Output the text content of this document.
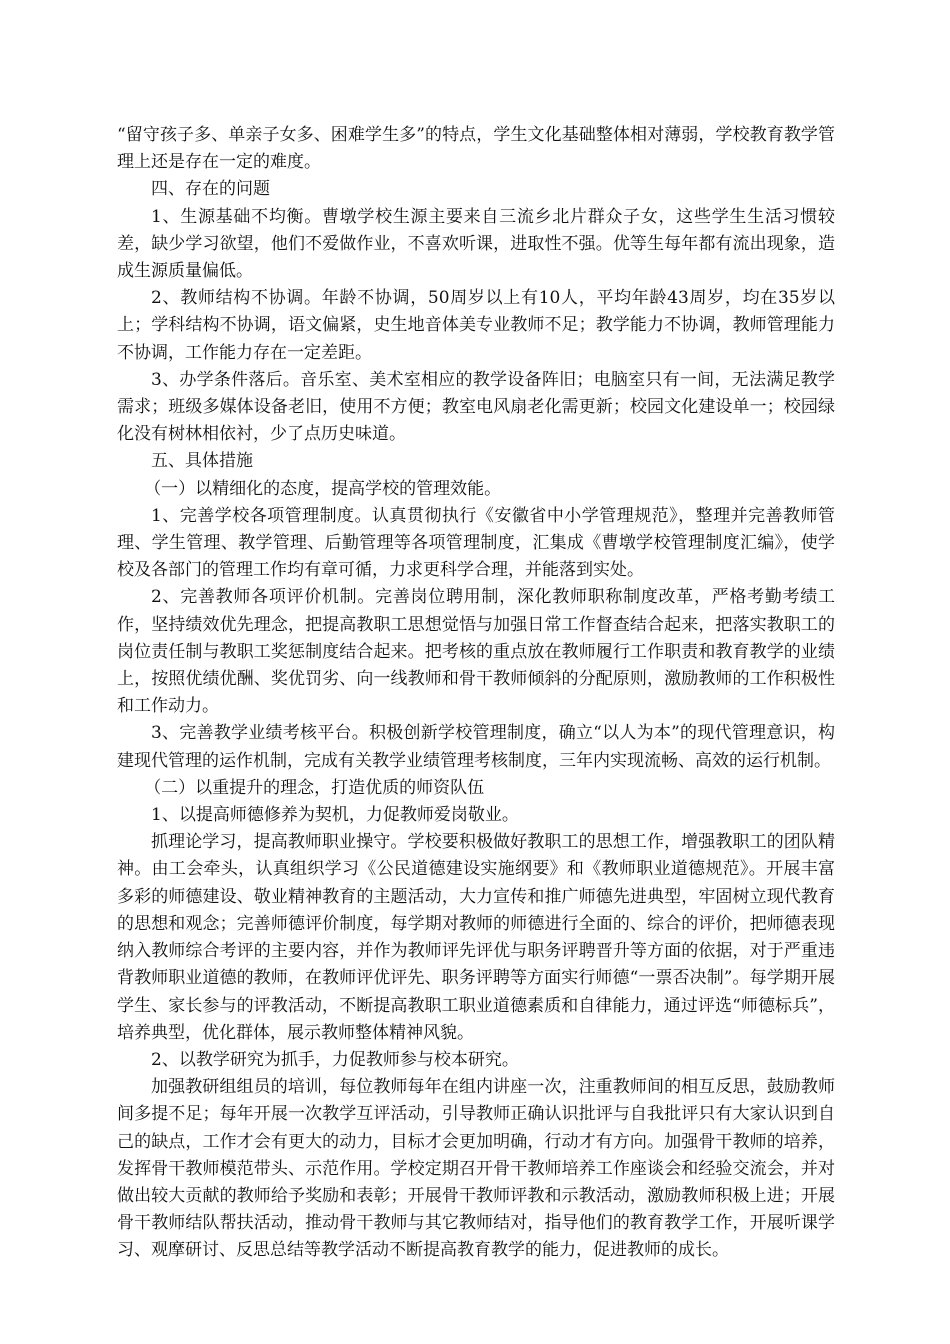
“留守孩子多、单亲子女多、困难学生多”的特点，学生文化基础整体相对薄弱，学校教育教学管理上还是存在一定的难度。

四、存在的问题

1、生源基础不均衡。曹墩学校生源主要来自三流乡北片群众子女，这些学生生活习惯较差，缺少学习欲望，他们不爱做作业，不喜欢听课，进取性不强。优等生每年都有流出现象，造成生源质量偏低。

2、教师结构不协调。年龄不协调，50周岁以上有10人，平均年龄43周岁，均在35岁以上；学科结构不协调，语文偏紧，史生地音体美专业教师不足；教学能力不协调，教师管理能力不协调，工作能力存在一定差距。

3、办学条件落后。音乐室、美术室相应的教学设备阵旧；电脑室只有一间，无法满足教学需求；班级多媒体设备老旧，使用不方便；教室电风扇老化需更新；校园文化建设单一；校园绿化没有树林相依衬，少了点历史味道。

五、具体措施

（一）以精细化的态度，提高学校的管理效能。

1、完善学校各项管理制度。认真贯彻执行《安徽省中小学管理规范》，整理并完善教师管理、学生管理、教学管理、后勤管理等各项管理制度，汇集成《曹墩学校管理制度汇编》，使学校及各部门的管理工作均有章可循，力求更科学合理，并能落到实处。

2、完善教师各项评价机制。完善岗位聘用制，深化教师职称制度改革，严格考勤考绩工作，坚持绩效优先理念，把提高教职工思想觉悟与加强日常工作督查结合起来，把落实教职工的岗位责任制与教职工奖惩制度结合起来。把考核的重点放在教师履行工作职责和教育教学的业绩上，按照优绩优酬、奖优罚劣、向一线教师和骨干教师倾斜的分配原则，激励教师的工作积极性和工作动力。

3、完善教学业绩考核平台。积极创新学校管理制度，确立“以人为本”的现代管理意识，构建现代管理的运作机制，完成有关教学业绩管理考核制度，三年内实现流畅、高效的运行机制。

（二）以重提升的理念，打造优质的师资队伍

1、以提高师德修养为契机，力促教师爱岗敬业。

抓理论学习，提高教师职业操守。学校要积极做好教职工的思想工作，增强教职工的团队精神。由工会牵头，认真组织学习《公民道德建设实施纲要》和《教师职业道德规范》。开展丰富多彩的师德建设、敬业精神教育的主题活动，大力宣传和推广师德先进典型，牢固树立现代教育的思想和观念；完善师德评价制度，每学期对教师的师德进行全面的、综合的评价，把师德表现纳入教师综合考评的主要内容，并作为教师评先评优与职务评聘晋升等方面的依据，对于严重违背教师职业道德的教师，在教师评优评先、职务评聘等方面实行师德“一票否决制”。每学期开展学生、家长参与的评教活动，不断提高教职工职业道德素质和自律能力，通过评选“师德标兵”，培养典型，优化群体，展示教师整体精神风貌。

2、以教学研究为抓手，力促教师参与校本研究。

加强教研组组员的培训，每位教师每年在组内讲座一次，注重教师间的相互反思，鼓励教师间多提不足；每年开展一次教学互评活动，引导教师正确认识批评与自我批评只有大家认识到自己的缺点，工作才会有更大的动力，目标才会更加明确，行动才有方向。加强骨干教师的培养，发挥骨干教师模范带头、示范作用。学校定期召开骨干教师培养工作座谈会和经验交流会，并对做出较大贡献的教师给予奖励和表彰；开展骨干教师评教和示教活动，激励教师积极上进；开展骨干教师结队帮扶活动，推动骨干教师与其它教师结对，指导他们的教育教学工作，开展听课学习、观摩研讨、反思总结等教学活动不断提高教育教学的能力，促进教师的成长。
